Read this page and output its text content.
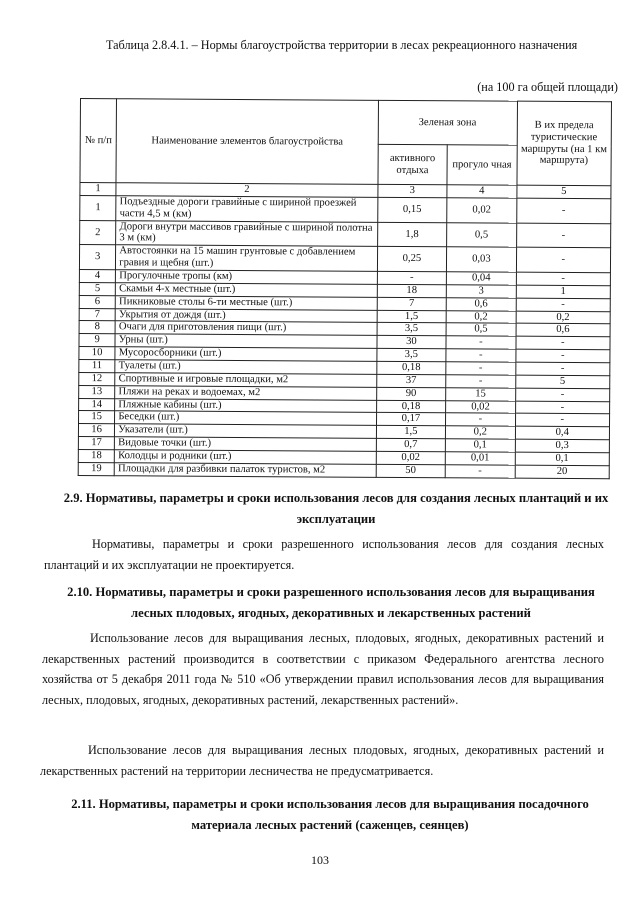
Таблица 2.8.4.1. – Нормы благоустройства территории в лесах рекреационного назначения
(на 100 га общей площади)
№ п/п	Наименование элементов благоустройства	Зеленая зона		В их предела туристические маршруты (на 1 км маршрута)
		активного отдыха	прогуло чная	
1	2	3	4	5
1	Подъездные дороги гравийные с шириной проезжей части 4,5 м (км)	0,15	0,02	-
2	Дороги внутри массивов гравийные с шириной полотна 3 м (км)	1,8	0,5	-
3	Автостоянки на 15 машин грунтовые с добавлением гравия и щебня (шт.)	0,25	0,03	-
4	Прогулочные тропы (км)	-	0,04	-
5	Скамьи 4-х местные (шт.)	18	3	1
6	Пикниковые столы 6-ти местные (шт.)	7	0,6	-
7	Укрытия от дождя (шт.)	1,5	0,2	0,2
8	Очаги для приготовления пищи (шт.)	3,5	0,5	0,6
9	Урны (шт.)	30	-	-
10	Мусоросборники (шт.)	3,5	-	-
11	Туалеты (шт.)	0,18	-	-
12	Спортивные и игровые площадки, м2	37	-	5
13	Пляжи на реках и водоемах, м2	90	15	-
14	Пляжные кабины (шт.)	0,18	0,02	-
15	Беседки (шт.)	0,17	-	-
16	Указатели (шт.)	1,5	0,2	0,4
17	Видовые точки (шт.)	0,7	0,1	0,3
18	Колодцы и родники (шт.)	0,02	0,01	0,1
19	Площадки для разбивки палаток туристов, м2	50	-	20
2.9. Нормативы, параметры и сроки использования лесов для создания лесных плантаций и их эксплуатации
Нормативы, параметры и сроки разрешенного использования лесов для создания лесных плантаций и их эксплуатации не проектируется.
2.10. Нормативы, параметры и сроки разрешенного использования лесов для выращивания лесных плодовых, ягодных, декоративных и лекарственных растений
Использование лесов для выращивания лесных, плодовых, ягодных, декоративных растений и лекарственных растений производится в соответствии с приказом Федерального агентства лесного хозяйства от 5 декабря 2011 года № 510 «Об утверждении правил использования лесов для выращивания лесных, плодовых, ягодных, декоративных растений, лекарственных растений».
Использование лесов для выращивания лесных плодовых, ягодных, декоративных растений и лекарственных растений на территории лесничества не предусматривается.
2.11. Нормативы, параметры и сроки использования лесов для выращивания посадочного материала лесных растений (саженцев, сеянцев)
103
